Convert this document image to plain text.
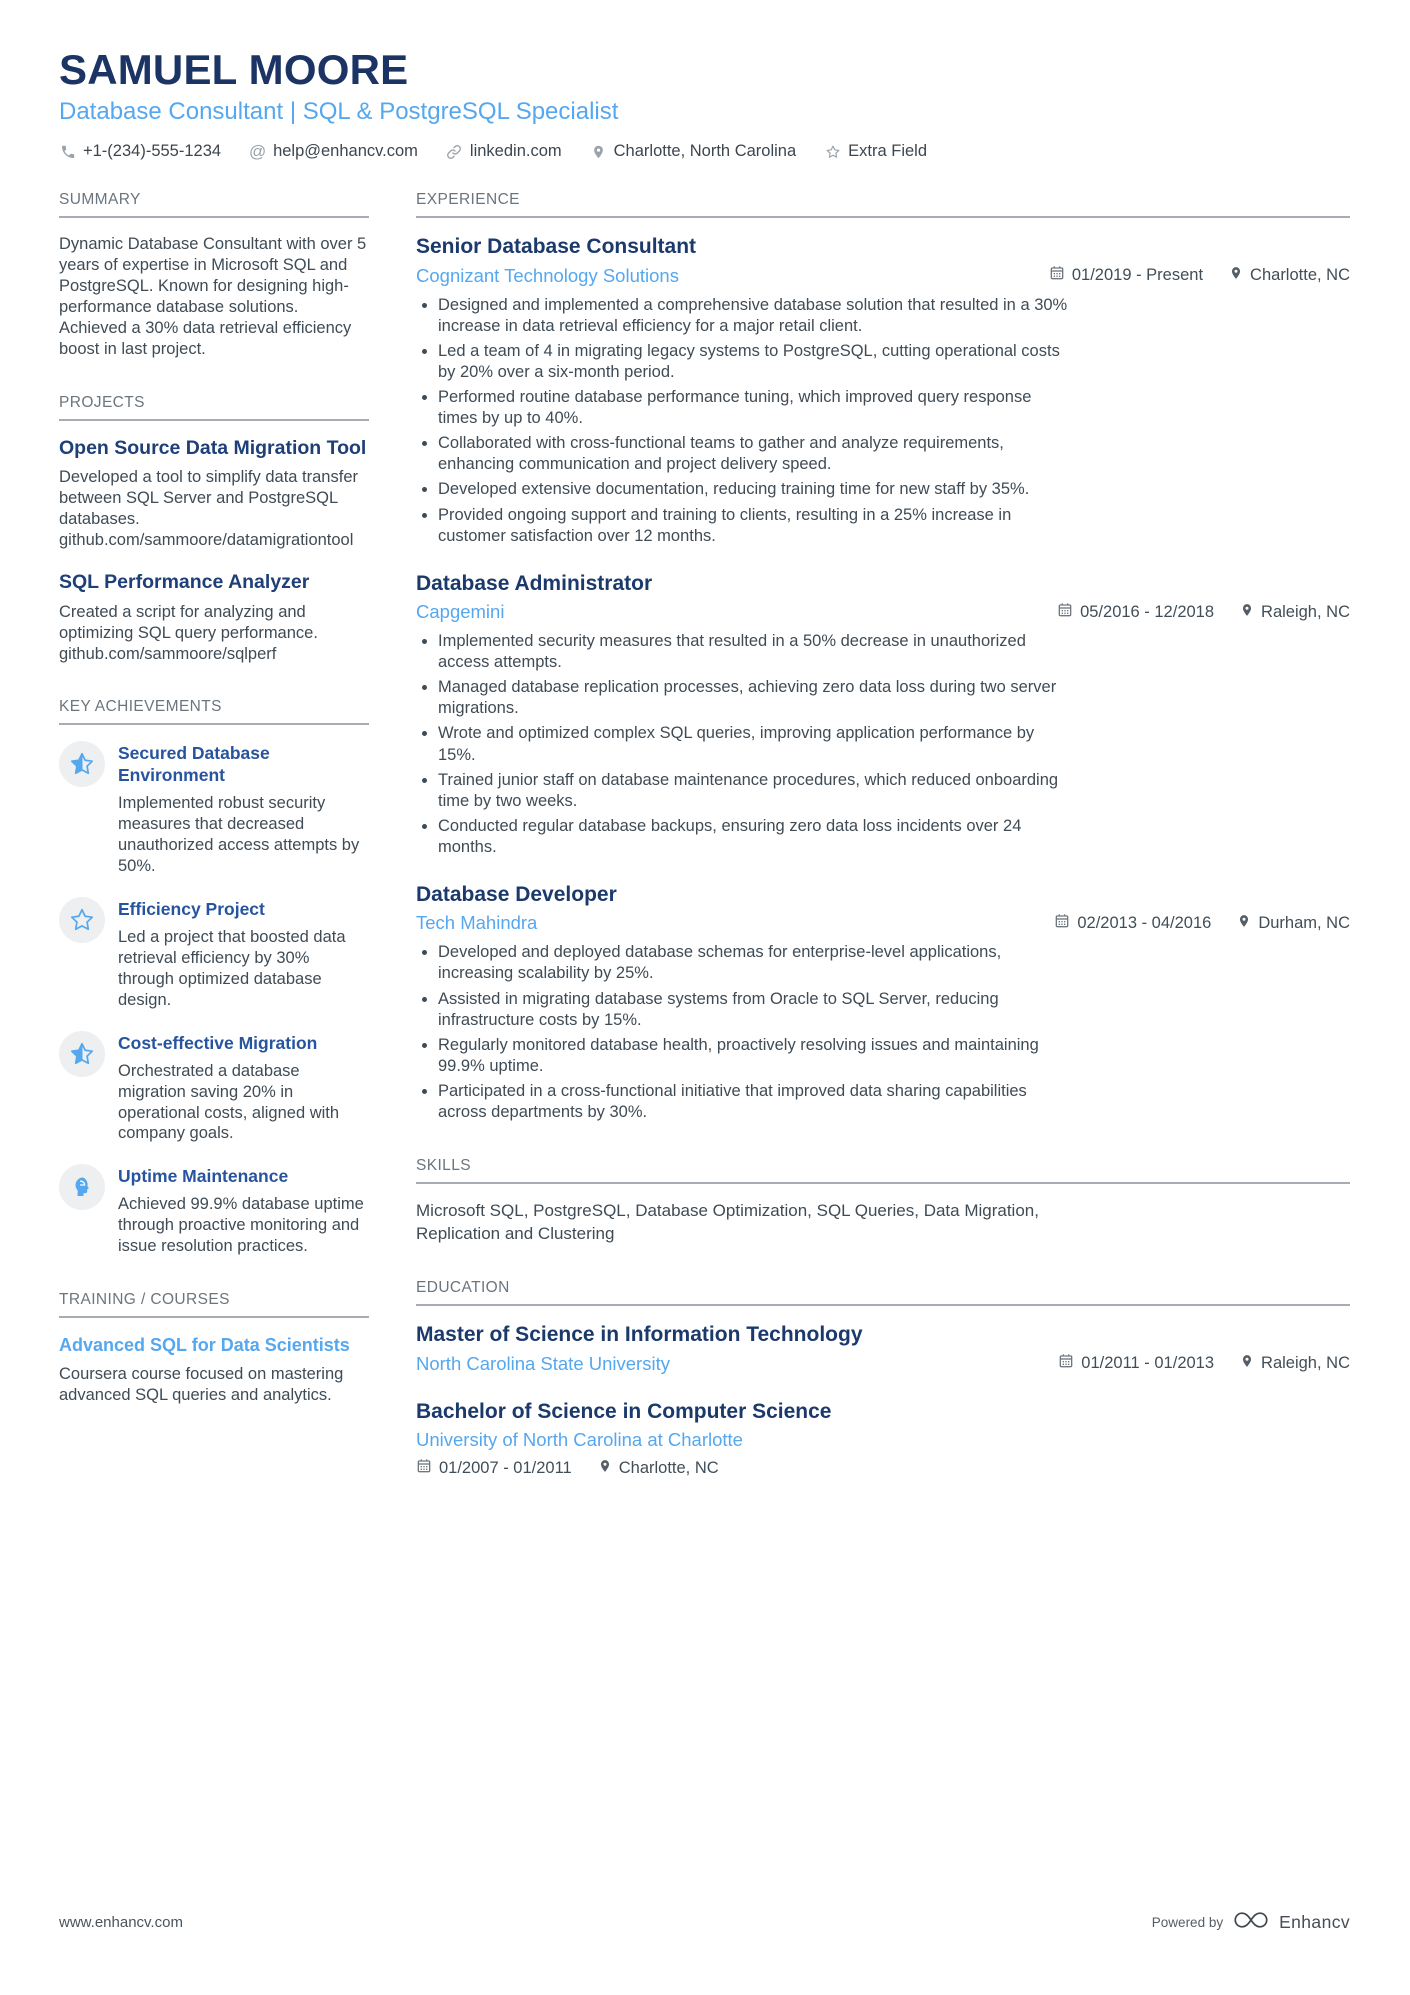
SAMUEL MOORE
Database Consultant | SQL & PostgreSQL Specialist
+1-(234)-555-1234 @ help@enhancv.com	linkedin.com	Charlotte, North Carolina	Extra Field
SUMMARY

Dynamic Database Consultant with over 5 years of expertise in Microsoft SQL and PostgreSQL. Known for designing high-performance database solutions. Achieved a 30% data retrieval efficiency boost in last project.

PROJECTS
Open Source Data Migration Tool

Developed a tool to simplify data transfer between SQL Server and PostgreSQL databases. github.com/sammoore/datamigrationtool

SQL Performance Analyzer

Created a script for analyzing and optimizing SQL query performance. github.com/sammoore/sqlperf

KEY ACHIEVEMENTS
Secured Database Environment

Implemented robust security measures that decreased unauthorized access attempts by 50%.

Efficiency Project

Led a project that boosted data retrieval efficiency by 30% through optimized database design.

Cost-effective Migration

Orchestrated a database migration saving 20% in operational costs, aligned with company goals.

Uptime Maintenance

Achieved 99.9% database uptime through proactive monitoring and issue resolution practices.

TRAINING / COURSES
Advanced SQL for Data Scientists

Coursera course focused on mastering advanced SQL queries and analytics.

EXPERIENCE
Senior Database Consultant
Cognizant Technology Solutions	01/2019 - Present	Charlotte, NC
• Designed and implemented a comprehensive database solution that resulted in a 30% increase in data retrieval efficiency for a major retail client.
• Led a team of 4 in migrating legacy systems to PostgreSQL, cutting operational costs by 20% over a six-month period.
• Performed routine database performance tuning, which improved query response times by up to 40%.
• Collaborated with cross-functional teams to gather and analyze requirements, enhancing communication and project delivery speed.
• Developed extensive documentation, reducing training time for new staff by 35%.
• Provided ongoing support and training to clients, resulting in a 25% increase in customer satisfaction over 12 months.
Database Administrator
Capgemini	05/2016 - 12/2018	Raleigh, NC
• Implemented security measures that resulted in a 50% decrease in unauthorized access attempts.
• Managed database replication processes, achieving zero data loss during two server migrations.
• Wrote and optimized complex SQL queries, improving application performance by 15%.
• Trained junior staff on database maintenance procedures, which reduced onboarding time by two weeks.
• Conducted regular database backups, ensuring zero data loss incidents over 24 months.
Database Developer
Tech Mahindra	02/2013 - 04/2016	Durham, NC
• Developed and deployed database schemas for enterprise-level applications, increasing scalability by 25%.
• Assisted in migrating database systems from Oracle to SQL Server, reducing infrastructure costs by 15%.
• Regularly monitored database health, proactively resolving issues and maintaining 99.9% uptime.
• Participated in a cross-functional initiative that improved data sharing capabilities across departments by 30%.
SKILLS

Microsoft SQL, PostgreSQL, Database Optimization, SQL Queries, Data Migration, Replication and Clustering

EDUCATION
Master of Science in Information Technology
North Carolina State University	01/2011 - 01/2013	Raleigh, NC
Bachelor of Science in Computer Science
University of North Carolina at Charlotte
01/2007 - 01/2011	Charlotte, NC
www.enhancv.com	Powered by	Enhancv
